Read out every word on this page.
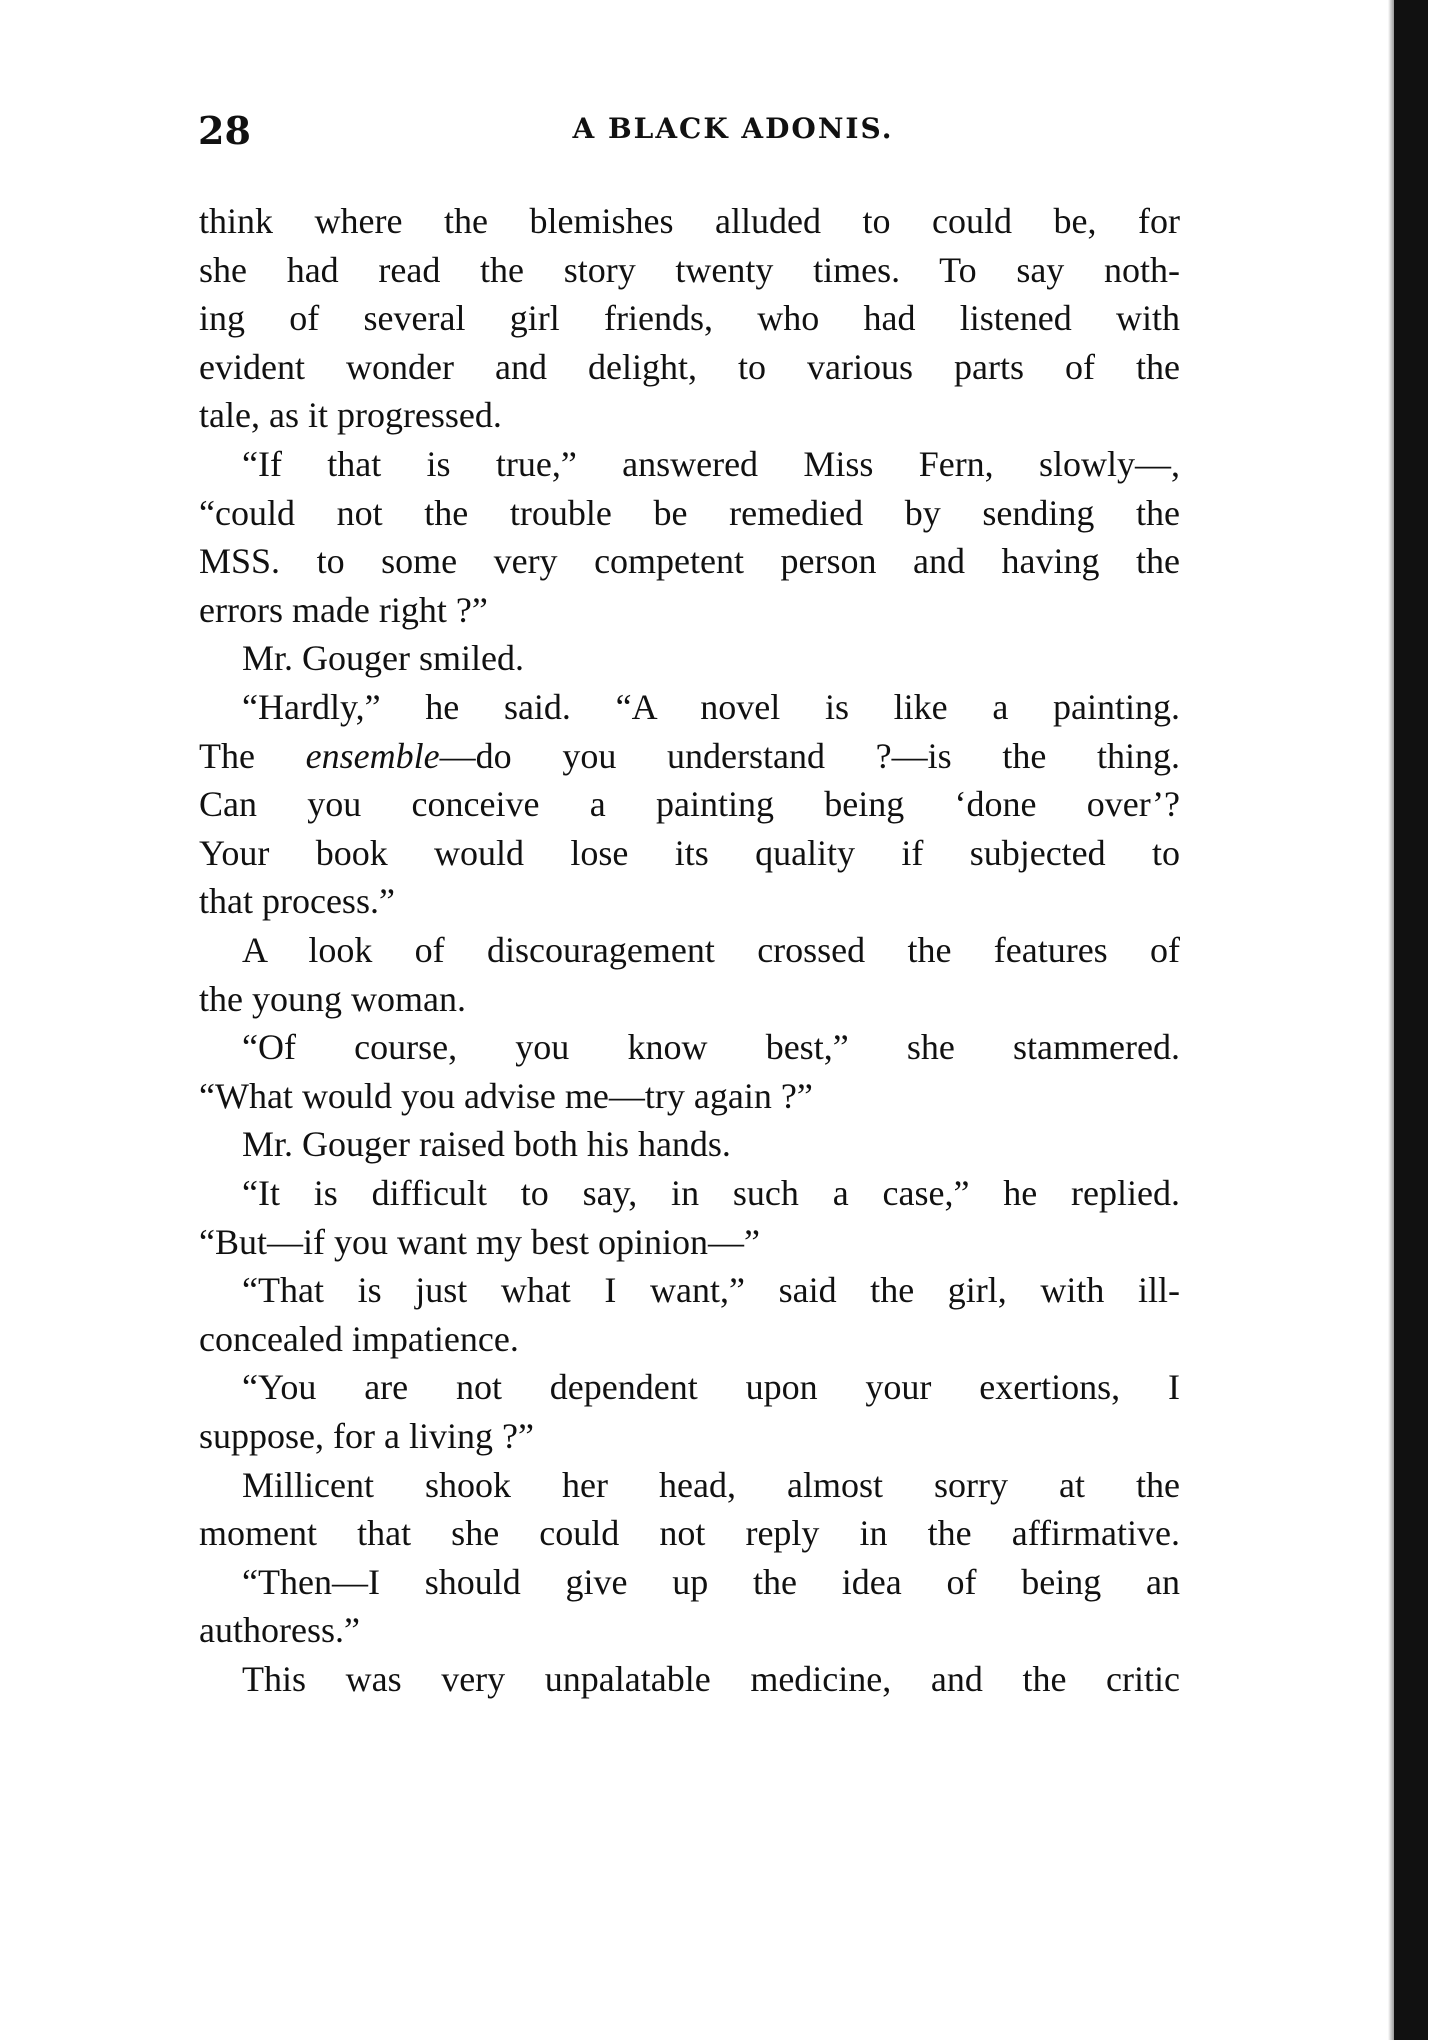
28	A BLACK ADONIS.
think where the blemishes alluded to could be, for
she had read the story twenty times. To say noth-
ing of several girl friends, who had listened with
evident wonder and delight, to various parts of the
tale, as it progressed.
“If that is true,” answered Miss Fern, slowly—,
“could not the trouble be remedied by sending the
MSS. to some very competent person and having the
errors made right ?”
Mr. Gouger smiled.
“Hardly,” he said. “A novel is like a painting.
The ensemble—do you understand ?—is the thing.
Can you conceive a painting being ‘done over’?
Your book would lose its quality if subjected to
that process.”
A look of discouragement crossed the features of
the young woman.
“Of course, you know best,” she stammered.
“What would you advise me—try again ?”
Mr. Gouger raised both his hands.
“It is difficult to say, in such a case,” he replied.
“But—if you want my best opinion—”
“That is just what I want,” said the girl, with ill-
concealed impatience.
“You are not dependent upon your exertions, I
suppose, for a living ?”
Millicent shook her head, almost sorry at the
moment that she could not reply in the affirmative.
“Then—I should give up the idea of being an
authoress.”
This was very unpalatable medicine, and the critic
